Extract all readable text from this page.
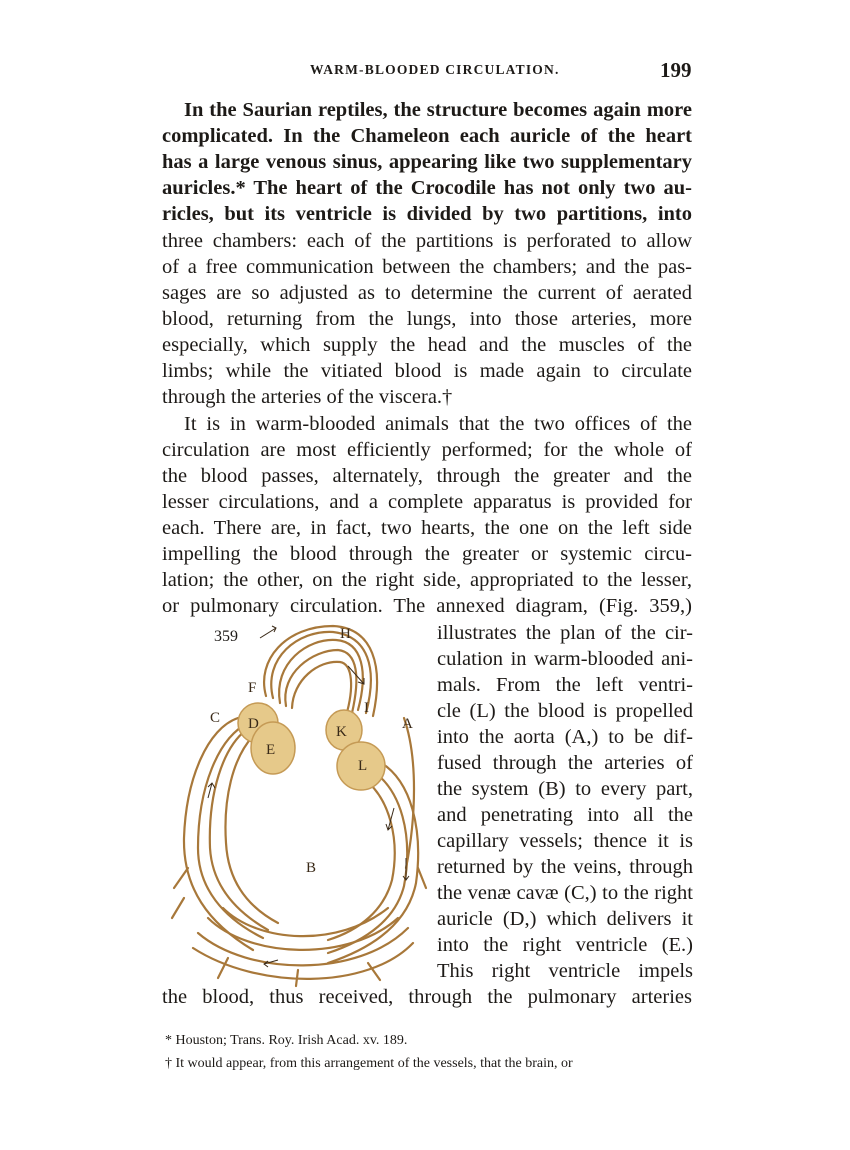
WARM-BLOODED CIRCULATION.	199
In the Saurian reptiles, the structure becomes again more
complicated. In the Chameleon each auricle of the heart
has a large venous sinus, appearing like two supplementary
auricles.* The heart of the Crocodile has not only two au-
ricles, but its ventricle is divided by two partitions, into
three chambers: each of the partitions is perforated to allow
of a free communication between the chambers; and the pas-
sages are so adjusted as to determine the current of aerated
blood, returning from the lungs, into those arteries, more
especially, which supply the head and the muscles of the
limbs; while the vitiated blood is made again to circulate
through the arteries of the viscera.†
It is in warm-blooded animals that the two offices of the
circulation are most efficiently performed; for the whole of
the blood passes, alternately, through the greater and the
lesser circulations, and a complete apparatus is provided for
each. There are, in fact, two hearts, the one on the left side
impelling the blood through the greater or systemic circu-
lation; the other, on the right side, appropriated to the lesser,
or pulmonary circulation. The annexed diagram, (Fig. 359,)
illustrates the plan of the cir-
culation in warm-blooded ani-
mals. From the left ventri-
cle (L) the blood is propelled
into the aorta (A,) to be dif-
fused through the arteries of
the system (B) to every part,
and penetrating into all the
capillary vessels; thence it is
returned by the veins, through
the venæ cavæ (C,) to the right
auricle (D,) which delivers it
into the right ventricle (E.)
This right ventricle impels
the blood, thus received, through the pulmonary arteries
359	H
F
C D
E
K
I
A
L
B
* Houston; Trans. Roy. Irish Acad. xv. 189.
† It would appear, from this arrangement of the vessels, that the brain, or
